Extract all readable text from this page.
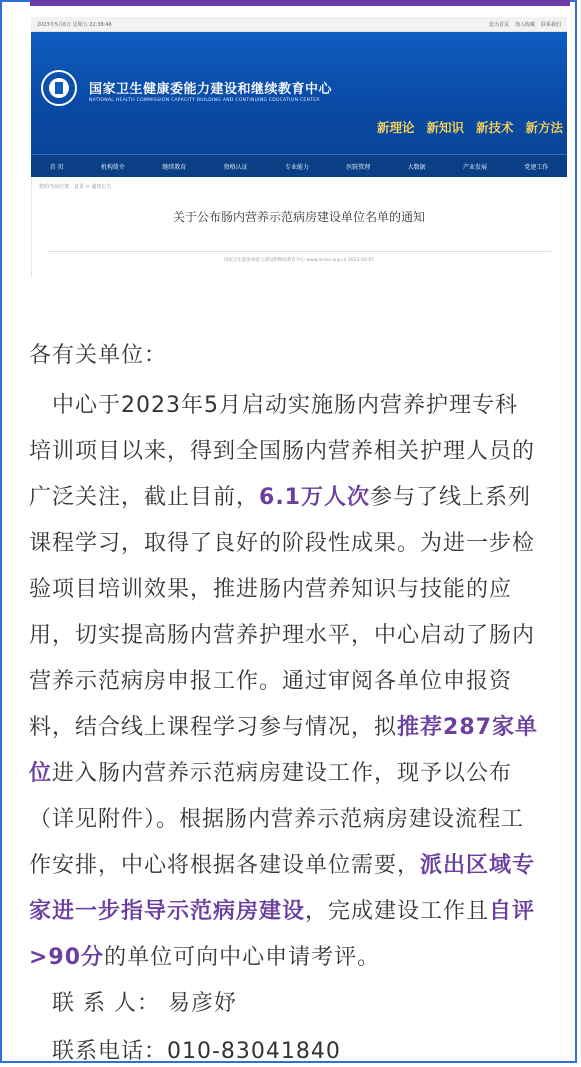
2023年5月6日 星期五 22:38:46	设为首页 加入收藏 联系我们
国家卫生健康委能力建设和继续教育中心
NATIONAL HEALTH COMMISSION CAPACITY BUILDING AND CONTINUING EDUCATION CENTER
新理论 新知识 新技术 新方法
首 页	机构简介	继续教育	资格认证	专业能力	医院管理	大数据	产业发展	党建工作
您的当前位置：首页 > 通知公告
关于公布肠内营养示范病房建设单位名单的通知
国家卫生健康委能力建设和继续教育中心 www.ncme.org.cn 2023-05-07
各有关单位：
　中心于2023年5月启动实施肠内营养护理专科
培训项目以来，得到全国肠内营养相关护理人员的
广泛关注，截止目前，6.1万人次参与了线上系列
课程学习，取得了良好的阶段性成果。为进一步检
验项目培训效果，推进肠内营养知识与技能的应
用，切实提高肠内营养护理水平，中心启动了肠内
营养示范病房申报工作。通过审阅各单位申报资
料，结合线上课程学习参与情况，拟推荐287家单
位进入肠内营养示范病房建设工作，现予以公布
（详见附件）。根据肠内营养示范病房建设流程工
作安排，中心将根据各建设单位需要，派出区域专
家进一步指导示范病房建设，完成建设工作且自评
>90分的单位可向中心申请考评。
　联 系 人： 易彦妤
　联系电话：010-83041840
